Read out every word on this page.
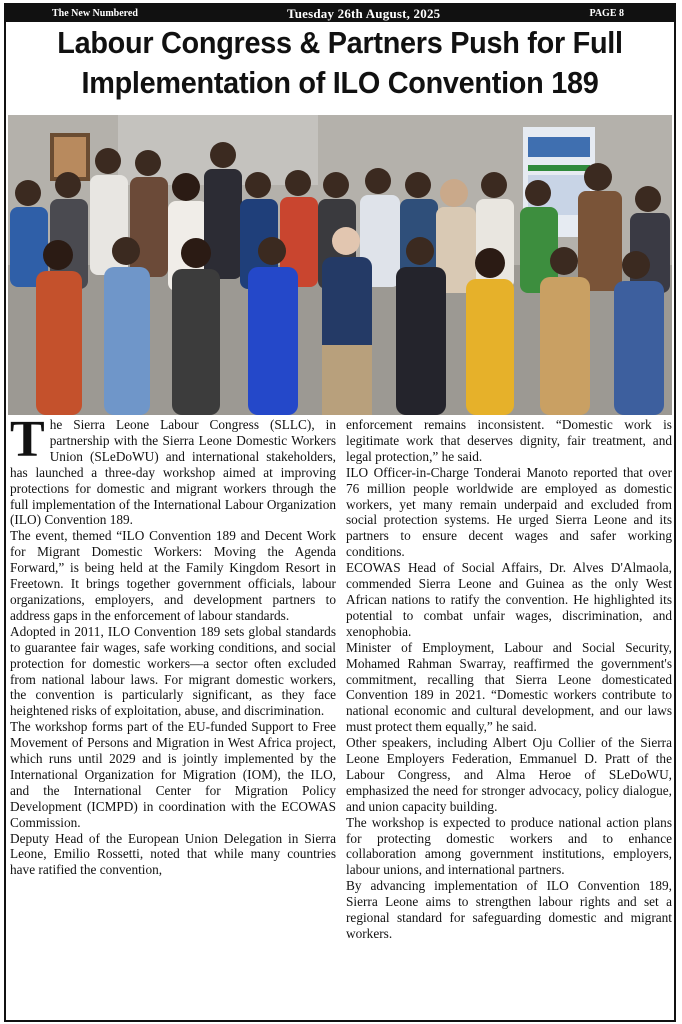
The New Numbered	Tuesday 26th August, 2025	PAGE 8
Labour Congress & Partners Push for Full
Implementation of ILO Convention 189
T he Sierra Leone Labour Congress (SLLC), in partnership with the Sierra Leone Domestic Workers Union (SLeDoWU) and international stakeholders, has launched a three-day workshop aimed at improving protections for domestic and migrant workers through the full implementation of the International Labour Organization (ILO) Convention 189.

The event, themed “ILO Convention 189 and Decent Work for Migrant Domestic Workers: Moving the Agenda Forward,” is being held at the Family Kingdom Resort in Freetown. It brings together government officials, labour organizations, employers, and development partners to address gaps in the enforcement of labour standards.

Adopted in 2011, ILO Convention 189 sets global standards to guarantee fair wages, safe working conditions, and social protection for domestic workers—a sector often excluded from national labour laws. For migrant domestic workers, the convention is particularly significant, as they face heightened risks of exploitation, abuse, and discrimination.

The workshop forms part of the EU-funded Support to Free Movement of Persons and Migration in West Africa project, which runs until 2029 and is jointly implemented by the International Organization for Migration (IOM), the ILO, and the International Center for Migration Policy Development (ICMPD) in coordination with the ECOWAS Commission.

Deputy Head of the European Union Delegation in Sierra Leone, Emilio Rossetti, noted that while many countries have ratified the convention,

enforcement remains inconsistent. “Domestic work is legitimate work that deserves dignity, fair treatment, and legal protection,” he said.

ILO Officer-in-Charge Tonderai Manoto reported that over 76 million people worldwide are employed as domestic workers, yet many remain underpaid and excluded from social protection systems. He urged Sierra Leone and its partners to ensure decent wages and safer working conditions.

ECOWAS Head of Social Affairs, Dr. Alves D'Almaola, commended Sierra Leone and Guinea as the only West African nations to ratify the convention. He highlighted its potential to combat unfair wages, discrimination, and xenophobia.

Minister of Employment, Labour and Social Security, Mohamed Rahman Swarray, reaffirmed the government's commitment, recalling that Sierra Leone domesticated Convention 189 in 2021. “Domestic workers contribute to national economic and cultural development, and our laws must protect them equally,” he said.

Other speakers, including Albert Oju Collier of the Sierra Leone Employers Federation, Emmanuel D. Pratt of the Labour Congress, and Alma Heroe of SLeDoWU, emphasized the need for stronger advocacy, policy dialogue, and union capacity building.

The workshop is expected to produce national action plans for protecting domestic workers and to enhance collaboration among government institutions, employers, labour unions, and international partners.

By advancing implementation of ILO Convention 189, Sierra Leone aims to strengthen labour rights and set a regional standard for safeguarding domestic and migrant workers.
